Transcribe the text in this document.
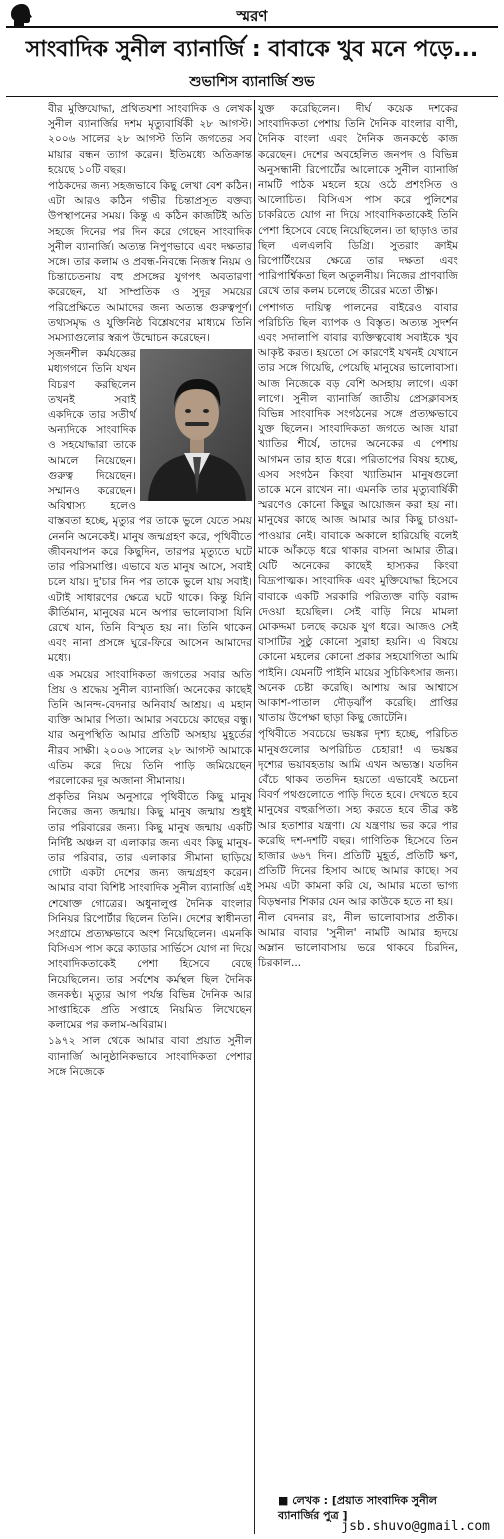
স্মরণ
সাংবাদিক সুনীল ব্যানার্জি : বাবাকে খুব মনে পড়ে...
শুভাশিস ব্যানার্জি শুভ

বীর মুক্তিযোদ্ধা, প্রথিতযশা সাংবাদিক ও লেখক সুনীল ব্যানার্জির দশম মৃত্যুবার্ষিকী ২৮ আগস্ট। ২০০৬ সালের ২৮ আগস্ট তিনি জগতের সব মায়ার বন্ধন ত্যাগ করেন। ইতিমধ্যে অতিক্রান্ত হয়েছে ১০টি বছর।

পাঠকদের জন্য সহজভাবে কিছু লেখা বেশ কঠিন। এটা আরও কঠিন গভীর চিন্তাপ্রসূত বক্তব্য উপস্থাপনের সময়। কিন্তু এ কঠিন কাজটিই অতি সহজে দিনের পর দিন করে গেছেন সাংবাদিক সুনীল ব্যানার্জি। অত্যন্ত নিপুণভাবে এবং দক্ষতার সঙ্গে। তার কলাম ও প্রবন্ধ-নিবন্ধে নিজস্ব নিয়ম ও চিন্তাচেতনায় বহু প্রসঙ্গের যুগপৎ অবতারণা করেছেন, যা সাম্প্রতিক ও সুদূর সময়ের পরিপ্রেক্ষিতে আমাদের জন্য অত্যন্ত গুরুত্বপূর্ণ। তথ্যসমৃদ্ধ ও যুক্তিনিষ্ঠ বিশ্লেষণের মাধ্যমে তিনি সমস্যাগুলোর স্বরূপ উন্মোচন করেছেন।

সৃজনশীল কর্মযজ্ঞের মধ্যগগনে তিনি যখন বিচরণ করছিলেন তখনই সবাই একদিকে তার সতীর্থ অন্যদিকে সাংবাদিক ও সহযোদ্ধারা তাকে আমলে নিয়েছেন। গুরুত্ব দিয়েছেন। সম্মানও করেছেন। অবিশ্বাস্য হলেও বাস্তবতা হচ্ছে, মৃত্যুর পর তাকে ভুলে যেতে সময় নেননি অনেকেই। মানুষ জন্মগ্রহণ করে, পৃথিবীতে জীবনযাপন করে কিছুদিন, তারপর মৃত্যুতে ঘটে তার পরিসমাপ্তি। এভাবে যত মানুষ আসে, সবাই চলে যায়। দু'চার দিন পর তাকে ভুলে যায় সবাই। এটাই সাধারণের ক্ষেত্রে ঘটে থাকে। কিন্তু যিনি কীর্তিমান, মানুষের মনে অপার ভালোবাসা যিনি রেখে যান, তিনি বিস্মৃত হয় না। তিনি থাকেন এবং নানা প্রসঙ্গে ঘুরে-ফিরে আসেন আমাদের মধ্যে।

এক সময়ের সাংবাদিকতা জগতের সবার অতি প্রিয় ও শ্রদ্ধেয় সুনীল ব্যানার্জি। অনেকের কাছেই তিনি আনন্দ-বেদনার অনিবার্য আশ্রয়। এ মহান ব্যক্তি আমার পিতা। আমার সবচেয়ে কাছের বন্ধু। যার অনুপস্থিতি আমার প্রতিটি অসহায় মুহূর্তের নীরব সাক্ষী। ২০০৬ সালের ২৮ আগস্ট আমাকে এতিম করে দিয়ে তিনি পাড়ি জমিয়েছেন পরলোকের দূর অজানা সীমানায়।

প্রকৃতির নিয়ম অনুসারে পৃথিবীতে কিছু মানুষ নিজের জন্য জন্মায়। কিছু মানুষ জন্মায় শুধুই তার পরিবারের জন্য। কিছু মানুষ জন্মায় একটি নির্দিষ্ট অঞ্চল বা এলাকার জন্য এবং কিছু মানুষ-তার পরিবার, তার এলাকার সীমানা ছাড়িয়ে গোটা একটা দেশের জন্য জন্মগ্রহণ করেন। আমার বাবা বিশিষ্ট সাংবাদিক সুনীল ব্যানার্জি এই শেষোক্ত গোত্রের। অধুনালুপ্ত দৈনিক বাংলার সিনিয়র রিপোর্টার ছিলেন তিনি। দেশের স্বাধীনতা সংগ্রামে প্রত্যক্ষভাবে অংশ নিয়েছিলেন। এমনকি বিসিএস পাস করে ক্যাডার সার্ভিসে যোগ না দিয়ে সাংবাদিকতাকেই পেশা হিসেবে বেছে নিয়েছিলেন। তার সর্বশেষ কর্মস্থল ছিল দৈনিক জনকণ্ঠ। মৃত্যুর আগ পর্যন্ত বিভিন্ন দৈনিক আর সাপ্তাহিকে প্রতি সপ্তাহে নিয়মিত লিখেছেন কলামের পর কলাম-অবিরাম।

১৯৭২ সাল থেকে আমার বাবা প্রয়াত সুনীল ব্যানার্জি আনুষ্ঠানিকভাবে সাংবাদিকতা পেশার সঙ্গে নিজেকে

যুক্ত করেছিলেন। দীর্ঘ কয়েক দশকের সাংবাদিকতা পেশায় তিনি দৈনিক বাংলার বাণী, দৈনিক বাংলা এবং দৈনিক জনকণ্ঠে কাজ করেছেন। দেশের অবহেলিত জনপদ ও বিভিন্ন অনুসন্ধানী রিপোর্টের আলোকে সুনীল ব্যানার্জি নামটি পাঠক মহলে হয়ে ওঠে প্রশংসিত ও আলোচিত। বিসিএস পাস করে পুলিশের চাকরিতে যোগ না দিয়ে সাংবাদিকতাকেই তিনি পেশা হিসেবে বেছে নিয়েছিলেন। তা ছাড়াও তার ছিল এলএলবি ডিগ্রি। সুতরাং ক্রাইম রিপোর্টিংয়ের ক্ষেত্রে তার দক্ষতা এবং পারিপার্শ্বিকতা ছিল অতুলনীয়। নিজের প্রাণবাজি রেখে তার কলম চলেছে তীরের মতো তীক্ষ্ণ।

পেশাগত দায়িত্ব পালনের বাইরেও বাবার পরিচিতি ছিল ব্যাপক ও বিস্তৃত। অত্যন্ত সুদর্শন এবং সদালাপি বাবার ব্যক্তিত্ববোধ সবাইকে খুব আকৃষ্ট করত। হয়তো সে কারণেই যখনই যেখানে তার সঙ্গে গিয়েছি, পেয়েছি মানুষের ভালোবাসা। আজ নিজেকে বড় বেশি অসহায় লাগে। একা লাগে। সুনীল ব্যানার্জি জাতীয় প্রেসক্লাবসহ বিভিন্ন সাংবাদিক সংগঠনের সঙ্গে প্রত্যক্ষভাবে যুক্ত ছিলেন। সাংবাদিকতা জগতে আজ যারা খ্যাতির শীর্ষে, তাদের অনেকের এ পেশায় আগমন তার হাত ধরে। পরিতাপের বিষয় হচ্ছে, এসব সংগঠন কিংবা খ্যাতিমান মানুষগুলো তাকে মনে রাখেন না। এমনকি তার মৃত্যুবার্ষিকী স্মরণেও কোনো কিছুর আয়োজন করা হয় না। মানুষের কাছে আজ আমার আর কিছু চাওয়া-পাওয়ার নেই। বাবাকে অকালে হারিয়েছি বলেই মাকে আঁকড়ে ধরে থাকার বাসনা আমার তীব্র। যেটি অনেকের কাছেই হাস্যকর কিংবা বিদ্রূপাত্মক। সাংবাদিক এবং মুক্তিযোদ্ধা হিসেবে বাবাকে একটি সরকারি পরিত্যক্ত বাড়ি বরাদ্দ দেওয়া হয়েছিল। সেই বাড়ি নিয়ে মামলা মোকদ্দমা চলছে কয়েক যুগ ধরে। আজও সেই বাসাটির সুষ্ঠু কোনো সুরাহা হয়নি। এ বিষয়ে কোনো মহলের কোনো প্রকার সহযোগিতা আমি পাইনি। যেমনটি পাইনি মায়ের সুচিকিৎসার জন্য। অনেক চেষ্টা করেছি। আশায় আর আশ্বাসে আকাশ-পাতাল দৌড়ঝাঁপ করেছি। প্রাপ্তির খাতায় উপেক্ষা ছাড়া কিছু জোটেনি।

পৃথিবীতে সবচেয়ে ভয়ঙ্কর দৃশ্য হচ্ছে, পরিচিত মানুষগুলোর অপরিচিত চেহারা! এ ভয়ঙ্কর দৃশ্যের ভয়াবহতায় আমি এখন অভ্যস্ত। যতদিন বেঁচে থাকব ততদিন হয়তো এভাবেই অচেনা বিবর্ণ পথগুলোতে পাড়ি দিতে হবে। দেখতে হবে মানুষের বহুরূপিতা। সহ্য করতে হবে তীব্র কষ্ট আর হতাশার যন্ত্রণা। যে যন্ত্রণায় ভর করে পার করেছি দশ-দশটি বছর। গাণিতিক হিসেবে তিন হাজার ৬৬৭ দিন। প্রতিটি মুহূর্ত, প্রতিটি ক্ষণ, প্রতিটি দিনের হিসাব আছে আমার কাছে। সব সময় এটা কামনা করি যে, আমার মতো ভাগ্য বিড়ম্বনার শিকার যেন আর কাউকে হতে না হয়।

নীল বেদনার রং, নীল ভালোবাসার প্রতীক। আমার বাবার 'সুনীল' নামটি আমার হৃদয়ে অম্লান ভালোবাসায় ভরে থাকবে চিরদিন, চিরকাল...

■ লেখক : [প্রয়াত সাংবাদিক সুনীল ব্যানার্জির পুত্র ]
jsb.shuvo@gmail.com
